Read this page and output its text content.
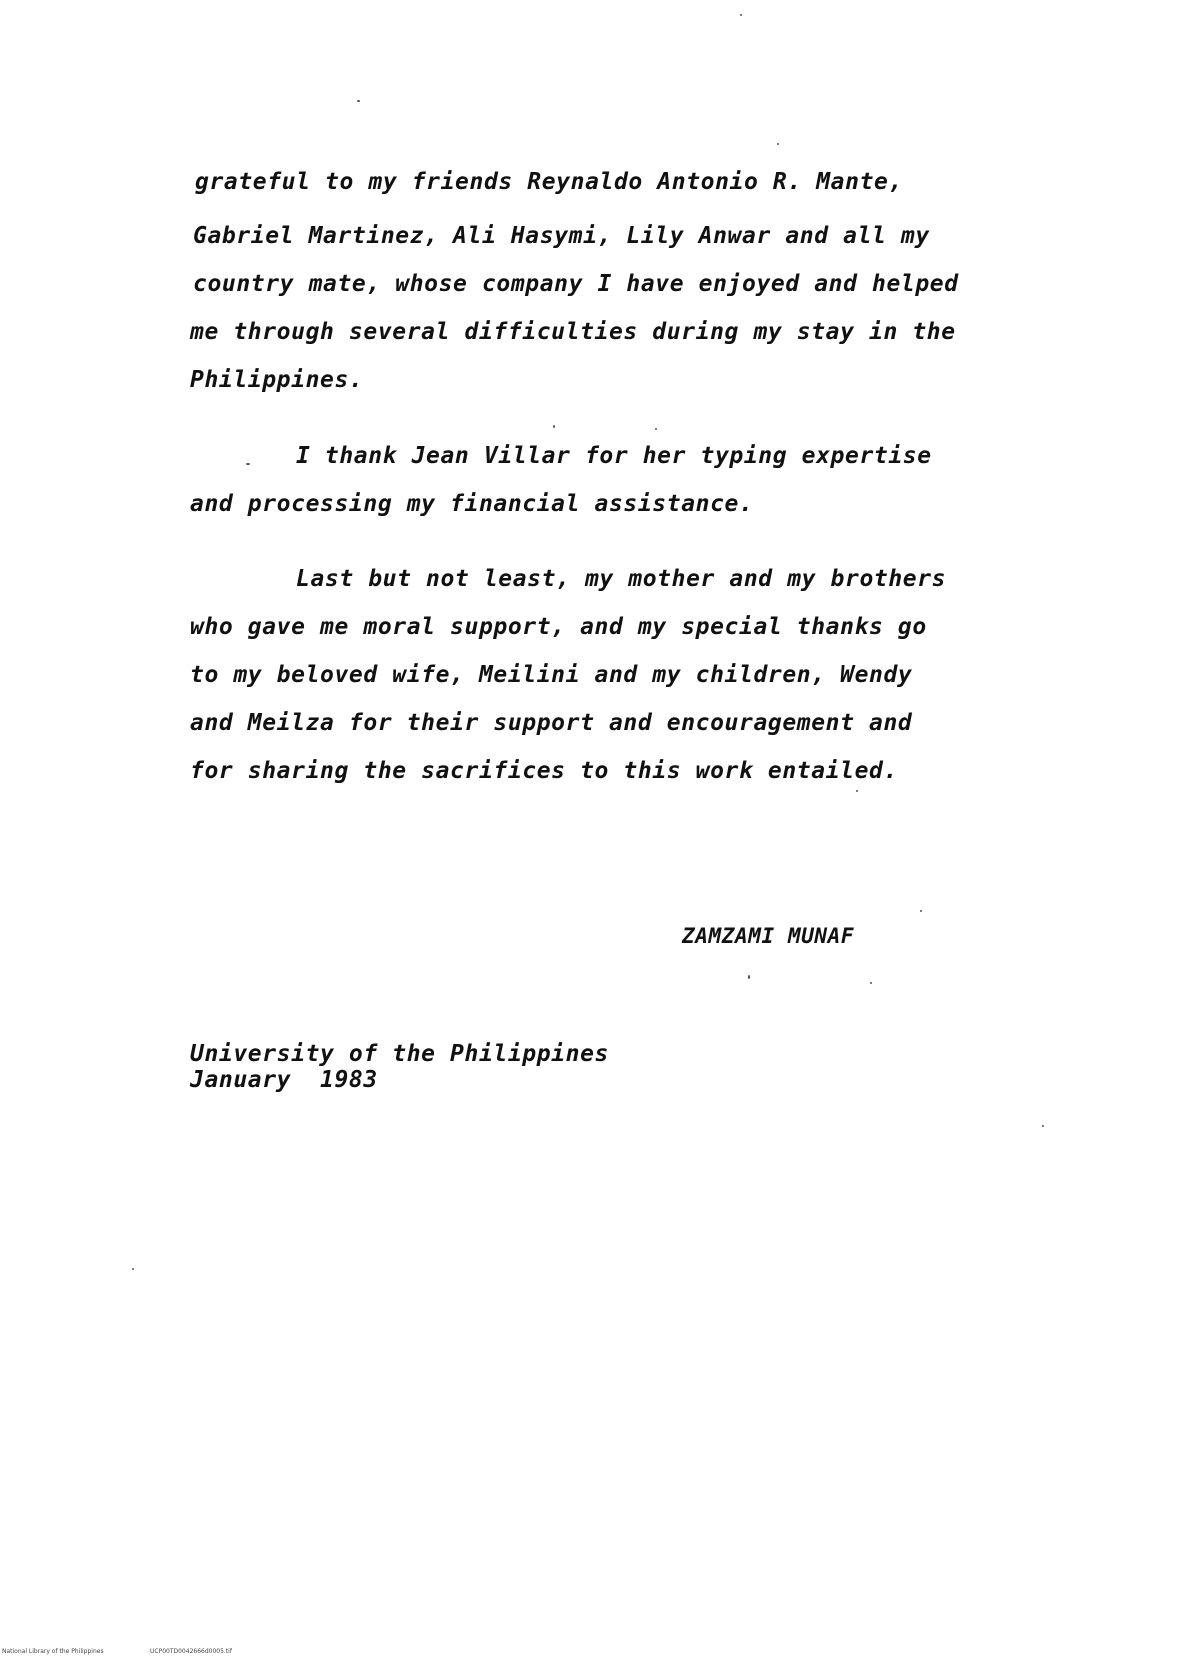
grateful to my friends Reynaldo Antonio R. Mante,
Gabriel Martinez, Ali Hasymi, Lily Anwar and all my
country mate, whose company I have enjoyed and helped
me through several difficulties during my stay in the
Philippines.
I thank Jean Villar for her typing expertise
and processing my financial assistance.
Last but not least, my mother and my brothers
who gave me moral support, and my special thanks go
to my beloved wife, Meilini and my children, Wendy
and Meilza for their support and encouragement and
for sharing the sacrifices to this work entailed.
ZAMZAMI MUNAF
University of the Philippines
January  1983
National Library of the Philippines	UCP00TD0042666d0005.tif
